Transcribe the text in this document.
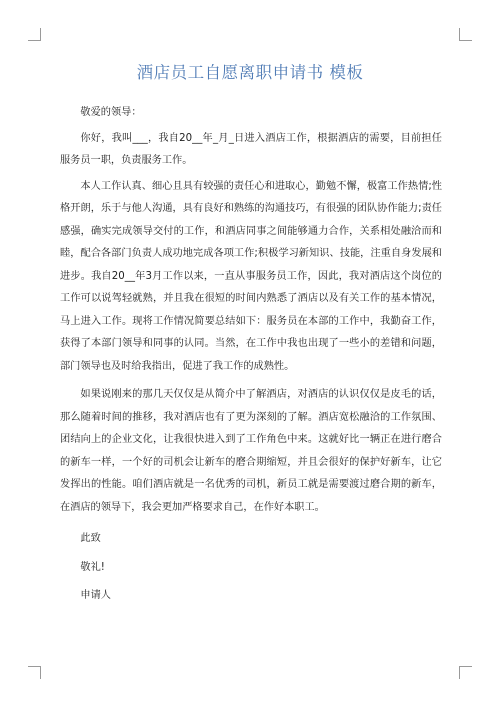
酒店员工自愿离职申请书 模板

敬爱的领导：

你好，我叫___，我自20__年_月_日进入酒店工作，根据酒店的需要，目前担任服务员一职，负责服务工作。

本人工作认真、细心且具有较强的责任心和进取心，勤勉不懈，极富工作热情;性格开朗，乐于与他人沟通，具有良好和熟练的沟通技巧，有很强的团队协作能力;责任感强，确实完成领导交付的工作，和酒店同事之间能够通力合作，关系相处融洽而和睦，配合各部门负责人成功地完成各项工作;积极学习新知识、技能，注重自身发展和进步。我自20__年3月工作以来，一直从事服务员工作，因此，我对酒店这个岗位的工作可以说驾轻就熟，并且我在很短的时间内熟悉了酒店以及有关工作的基本情况，马上进入工作。现将工作情况简要总结如下：服务员在本部的工作中，我勤奋工作，获得了本部门领导和同事的认同。当然，在工作中我也出现了一些小的差错和问题，部门领导也及时给我指出，促进了我工作的成熟性。

如果说刚来的那几天仅仅是从简介中了解酒店，对酒店的认识仅仅是皮毛的话，那么随着时间的推移，我对酒店也有了更为深刻的了解。酒店宽松融洽的工作氛围、团结向上的企业文化，让我很快进入到了工作角色中来。这就好比一辆正在进行磨合的新车一样，一个好的司机会让新车的磨合期缩短，并且会很好的保护好新车，让它发挥出的性能。咱们酒店就是一名优秀的司机，新员工就是需要渡过磨合期的新车，在酒店的领导下，我会更加严格要求自己，在作好本职工。

此致

敬礼!

申请人
